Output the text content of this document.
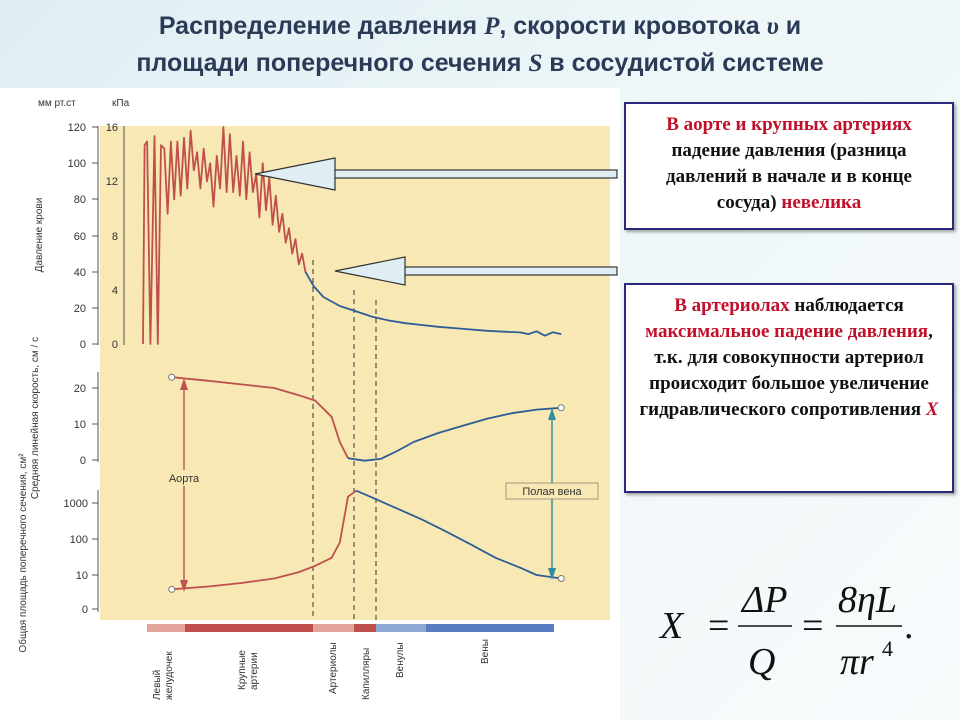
Распределение давления P, скорости кровотока υ и
площади поперечного сечения S в сосудистой системе
мм рт.ст	кПа
120
100
80
60
40
20
0
16
12
8
4
0
Давление крови
20
10
0
Средняя линейная скорость, см / с
1000
100
10
0
Общая площадь поперечного сечения, см²	Аорта
Полая вена
Левый желудочек	Крупные артерии	Артериолы Капилляры Венулы	Вены
В аорте и крупных артериях падение давления (разница давлений в начале и в конце сосуда) невелика
В артериолах наблюдается максимальное падение давления, т.к. для совокупности артериол происходит большое увеличение гидравлического сопротивления X
X =
ΔP
Q
=
8ηL
πr 4
.
